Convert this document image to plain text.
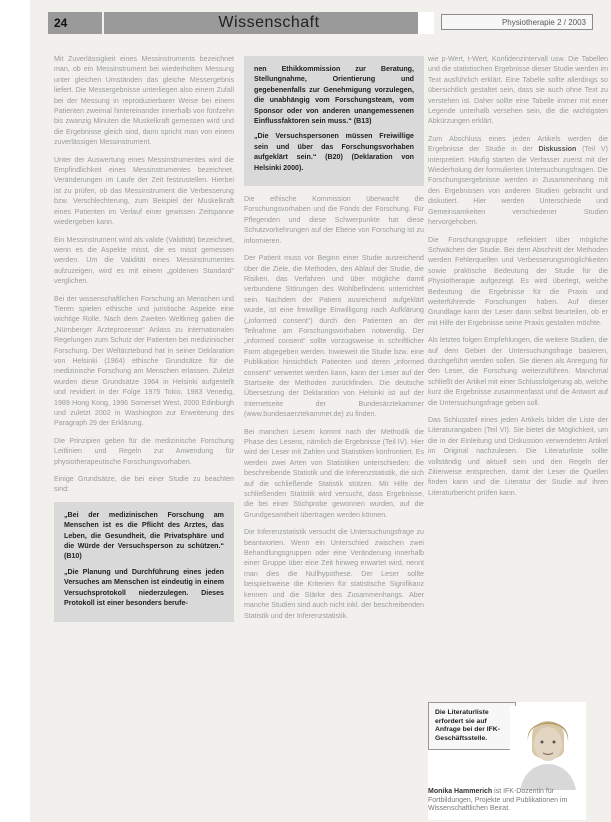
24	Wissenschaft	Physiotherapie 2 / 2003

Mit Zuverlässigkeit eines Messinstruments bezeichnet man, ob ein Messinstrument bei wiederholten Messung unter gleichen Umständen das gleiche Messergebnis liefert. Die Messergebnisse unterliegen also einem Zufall bei der Messung in reproduzierbarer Weise bei einem Patienten zweimal hintereinander innerhalb von fünfzehn bis zwanzig Minuten die Muskelkraft gemessen wird und die Ergebnisse gleich sind, dann spricht man von einem zuverlässigen Messinstrument.

Unter der Auswertung eines Messinstrumentes wird die Empfindlichkeit eines Messinstrumentes bezeichnet. Veränderungen im Laufe der Zeit festzustellen. Hierbei ist zu prüfen, ob das Messinstrument die Verbesserung bzw. Verschlechterung, zum Beispiel der Muskelkraft eines Patienten im Verlauf einer gewissen Zeitspanne wiedergeben kann.

Ein Messinstrument wird als valide (Validität) bezeichnet, wenn es die Aspekte misst, die es misst gemessen werden. Um die Validität eines Messinstrumentes aufzuzeigen, wird es mit einem „goldenen Standard“ verglichen.

Bei der wissenschaftlichen Forschung an Menschen und Tieren spielen ethische und juristische Aspekte eine wichtige Rolle. Nach dem Zweiten Weltkrieg gaben die „Nürnberger Ärzteprozesse“ Anlass zu internationalen Regelungen zum Schutz der Patienten bei medizinischer Forschung. Der Weltärztebund hat in seiner Deklaration von Helsinki (1964) ethische Grundsätze für die medizinische Forschung am Menschen erlassen. Zuletzt wurden diese Grundsätze 1964 in Helsinki aufgestellt und revidiert in der Folge 1975 Tokio, 1983 Venedig, 1989 Hong Kong, 1996 Somerset West, 2000 Edinburgh und zuletzt 2002 in Washington zur Erweiterung des Paragraph 29 der Erklärung.

DIe Prinzipien geben für die medizinische Forschung Leitlinien und Regeln zur Anwendung für physiotherapeutische Forschungsvorhaben.

Einige Grundsätze, die bei einer Studie zu beachten sind:

„Bei der medizinischen Forschung am Menschen ist es die Pflicht des Arztes, das Leben, die Gesundheit, die Privatsphäre und die Würde der Versuchsperson zu schützen.“ (B10)

„Die Planung und Durchführung eines jeden Versuches am Menschen ist eindeutig in einem Versuchsprotokoll niederzulegen. Dieses Protokoll ist einer besonders berufe-

nen Ethikkommission zur Beratung, Stellungnahme, Orientierung und gegebenenfalls zur Genehmigung vorzulegen, die unabhängig vom Forschungsteam, vom Sponsor oder von anderen unangemessenen Einflussfaktoren sein muss.“ (B13)

„Die Versuchspersonen müssen Freiwillige sein und über das Forschungsvorhaben aufgeklärt sein.“ (B20) (Deklaration von Helsinki 2000).

Die ethische Kommission überwacht die Forschungsvorhaben und die Fonds der Forschung. Für Pflegenden und diese Schwerpunkte hat diese Schutzvorkehrungen auf der Ebene von Forschung ist zu informieren.

Der Patient muss vor Beginn einer Studie ausreichend über die Ziele, die Methoden, den Ablauf der Studie, die Risiken, das Verfahren und über mögliche damit verbundene Störungen des Wohlbefindens unterrichtet sein. Nachdem der Patient ausreichend aufgeklärt wurde, ist eine freiwillige Einwilligung nach Aufklärung („informed consent“) durch den Patienten an der Teilnahme am Forschungsvorhaben notwendig. Der „informed consent“ sollte vorzugsweise in schriftlicher Form abgegeben werden. Inwieweit die Studie bzw. eine Publikation hinsichtlich Patienten und deren „informed consent“ verwertet werden kann, kann der Leser auf der Startseite der Methoden zurückfinden. Die deutsche Übersetzung der Deklaration von Helsinki ist auf der Internetseite der Bundesärztekammer (www.bundesaerztekammer.de) zu finden.

Bei manchen Lesern kommt nach der Methodik die Phase des Lesens, nämlich die Ergebnisse (Teil IV). Hier wird der Leser mit Zahlen und Statistiken konfrontiert. Es werden zwei Arten von Statistiken unterschieden: die beschreibende Statistik und die Inferenzstatistik, die sich auf die schließende Statistik stützen. Mit Hilfe der schließenden Statistik wird versucht, dass Ergebnisse, die bei einer Stichprobe gewonnen wurden, auf die Grundgesamtheit übertragen werden können.

Die Inferenzstatistik versucht die Untersuchungsfrage zu beantworten. Wenn ein Unterschied zwischen zwei Behandlungsgruppen oder eine Veränderung innerhalb einer Gruppe über eine Zeit hinweg erwartet wird, nennt man dies die Nullhypothese. Der Leser sollte beispielsweise die Kriterien für statistische Signifikanz kennen und die Stärke des Zusammenhangs. Aber manche Studien sind auch nicht inkl. der beschreibenden Statistik und der Inferenzstatistik.

wie p-Wert, t-Wert, Konfidenzintervall usw. Die Tabellen und die statistischen Ergebnisse dieser Studie werden im Text ausführlich erklärt. Eine Tabelle sollte allerdings so übersichtlich gestaltet sein, dass sie auch ohne Text zu verstehen ist. Daher sollte eine Tabelle immer mit einer Legende unterhalb versehen sein, die die wichtigsten Abkürzungen erklärt.

Zum Abschluss eines jeden Artikels werden die Ergebnisse der Studie in der Diskussion (Teil V) interpretiert. Häufig starten die Verfasser zuerst mit der Wiederholung der formulierten Untersuchungsfragen. Die Forschungsergebnisse werden in Zusammenhang mit den Ergebnissen von anderen Studien gebracht und diskutiert. Hier werden Unterschiede und Gemeinsamkeiten verschiedener Studien hervorgehoben.

Die Forschungsgruppe reflektiert über mögliche Schwächen der Studie. Bei dem Abschnitt der Methoden werden Fehlerquellen und Verbesserungsmöglichkeiten sowie praktische Bedeutung der Studie für die Physiotherapie aufgezeigt. Es wird überlegt, welche Bedeutung die Ergebnisse für die Praxis und weiterführende Forschungen haben. Auf dieser Grundlage kann der Leser dann selbst beurteilen, ob er mit Hilfe der Ergebnisse seine Praxis gestalten möchte.

Als letztes folgen Empfehlungen, die weitere Studien, die auf dem Gebiet der Untersuchungsfrage basieren, durchgeführt werden sollen. Sie dienen als Anregung für den Leser, die Forschung weiterzuführen. Manchmal schließt der Artikel mit einer Schlussfolgerung ab, welche kurz die Ergebnisse zusammenfasst und die Antwort auf die Untersuchungsfrage geben soll.

Das Schlussteil eines jeden Artikels bildet die Liste der Literaturangaben (Teil VI). Sie bietet die Möglichkeit, um die in der Einleitung und Diskussion verwendeten Artikel im Original nachzulesen. Die Literaturliste sollte vollständig und aktuell sein und den Regeln der Zitierweise entsprechen, damit der Leser die Quellen finden kann und die Literatur der Studie auf ihren Literaturbericht prüfen kann.

Die Literaturliste erfordert sie auf Anfrage bei der IFK-Geschäftsstelle.
Monika Hammerich ist IFK-Dozentin für Fortbildungen, Projekte und Publikationen im Wissenschaftlichen Beirat.
